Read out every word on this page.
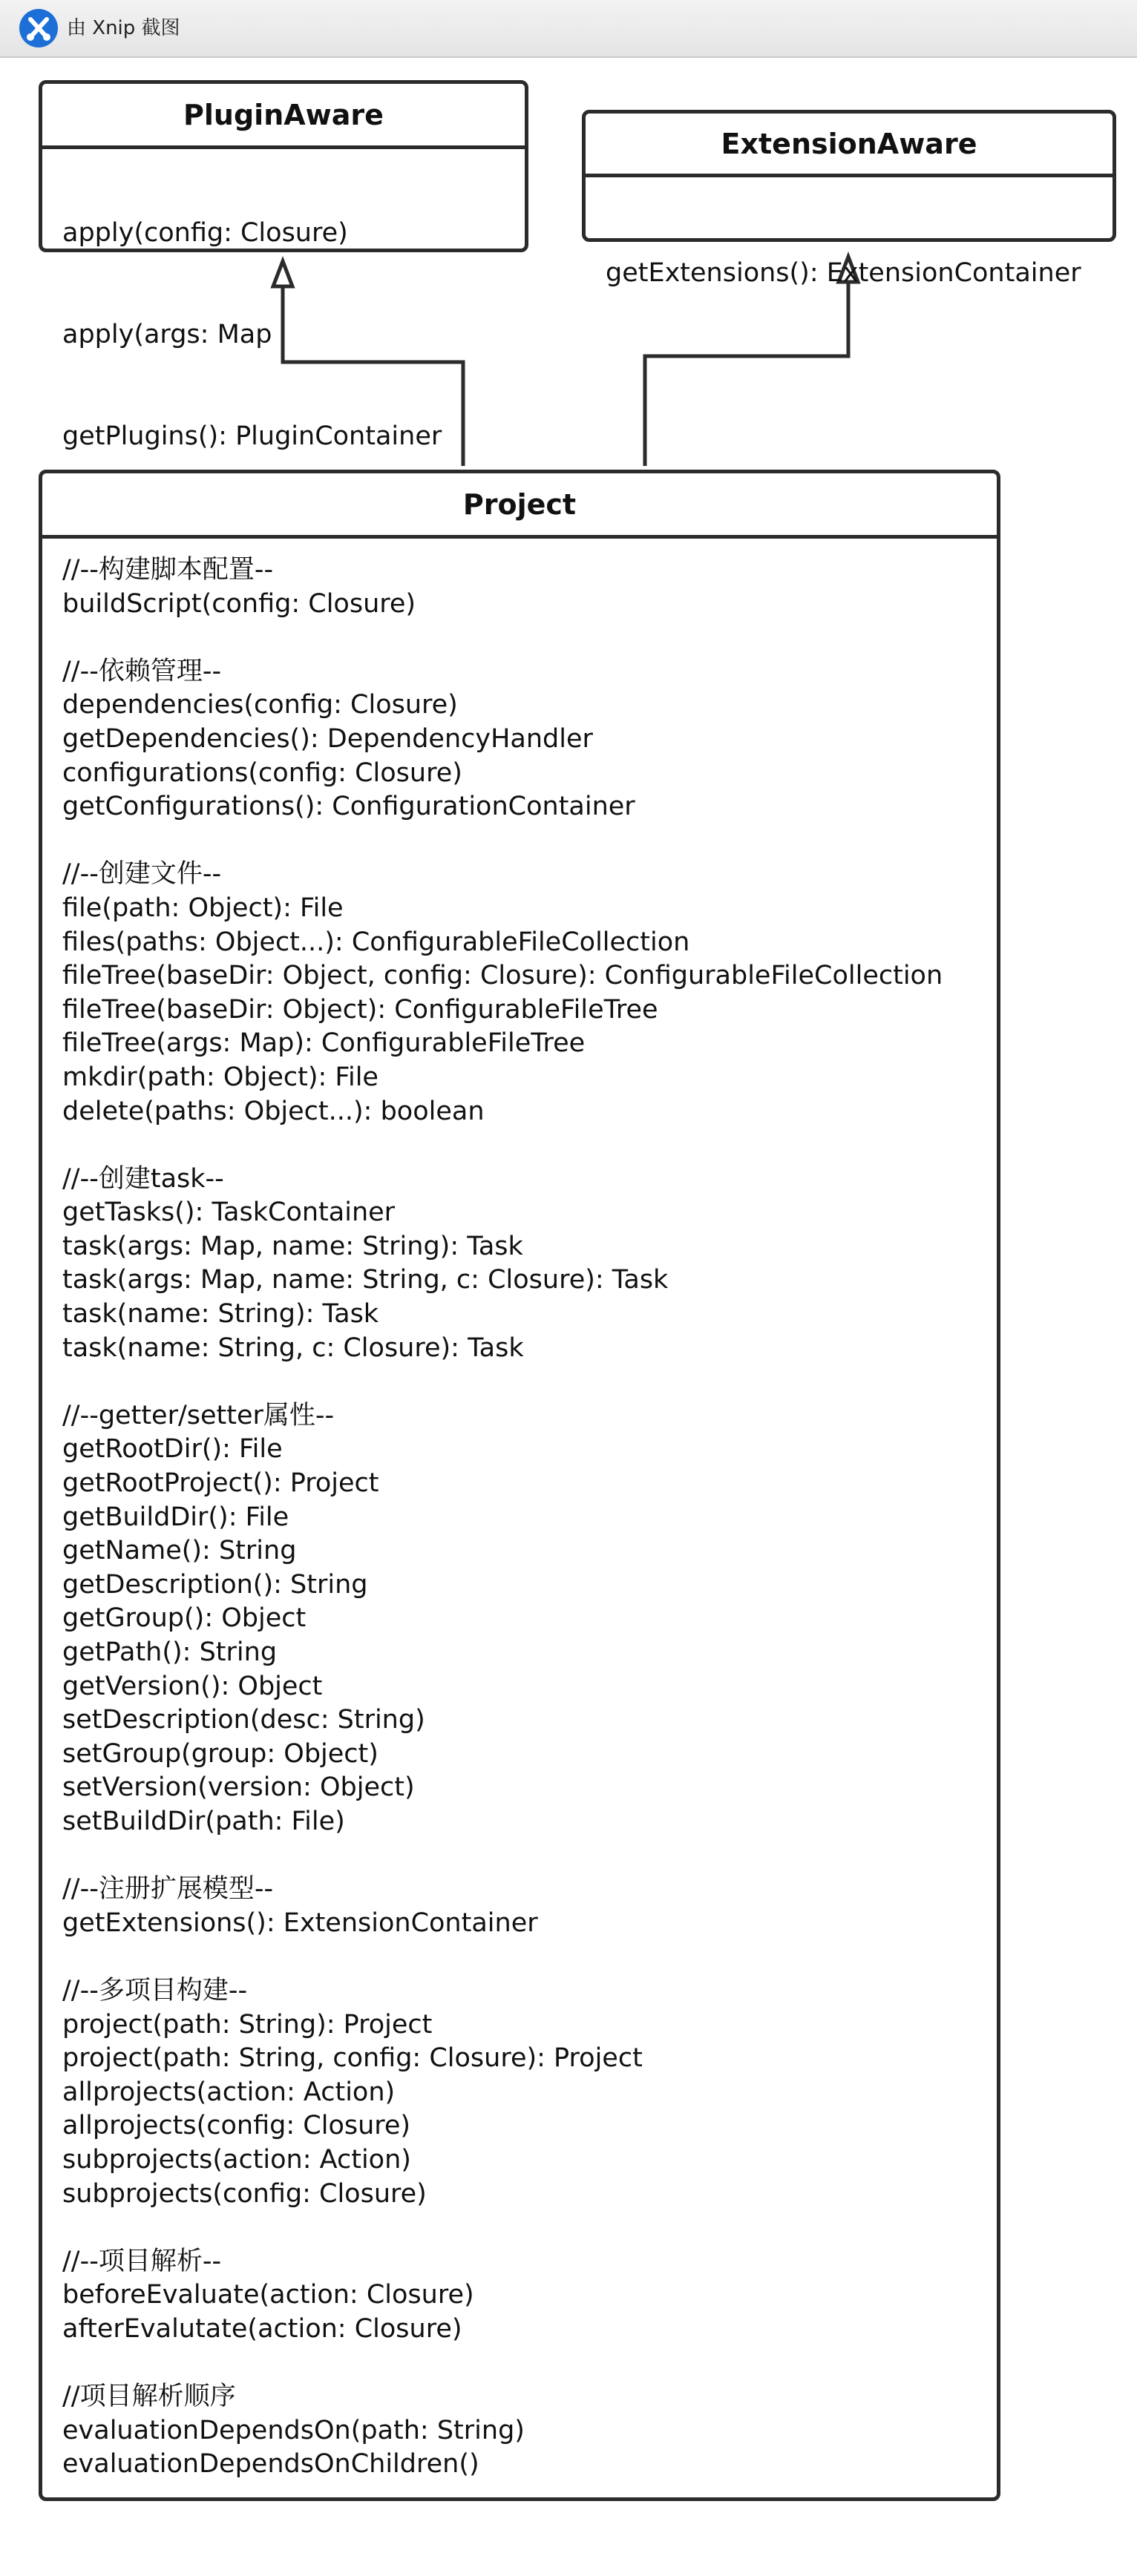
由 Xnip 截图
PluginAware

apply(config: Closure)

apply(args: Map

getPlugins(): PluginContainer

ExtensionAware

getExtensions(): ExtensionContainer

Project
//--构建脚本配置--
buildScript(config: Closure)
//--依赖管理--
dependencies(config: Closure)
getDependencies(): DependencyHandler
configurations(config: Closure)
getConfigurations(): ConfigurationContainer
//--创建文件--
file(path: Object): File
files(paths: Object...): ConfigurableFileCollection
fileTree(baseDir: Object, config: Closure): ConfigurableFileCollection
fileTree(baseDir: Object): ConfigurableFileTree
fileTree(args: Map): ConfigurableFileTree
mkdir(path: Object): File
delete(paths: Object...): boolean
//--创建task--
getTasks(): TaskContainer
task(args: Map, name: String): Task
task(args: Map, name: String, c: Closure): Task
task(name: String): Task
task(name: String, c: Closure): Task
//--getter/setter属性--
getRootDir(): File
getRootProject(): Project
getBuildDir(): File
getName(): String
getDescription(): String
getGroup(): Object
getPath(): String
getVersion(): Object
setDescription(desc: String)
setGroup(group: Object)
setVersion(version: Object)
setBuildDir(path: File)
//--注册扩展模型--
getExtensions(): ExtensionContainer
//--多项目构建--
project(path: String): Project
project(path: String, config: Closure): Project
allprojects(action: Action)
allprojects(config: Closure)
subprojects(action: Action)
subprojects(config: Closure)
//--项目解析--
beforeEvaluate(action: Closure)
afterEvalutate(action: Closure)
//项目解析顺序
evaluationDependsOn(path: String)
evaluationDependsOnChildren()
